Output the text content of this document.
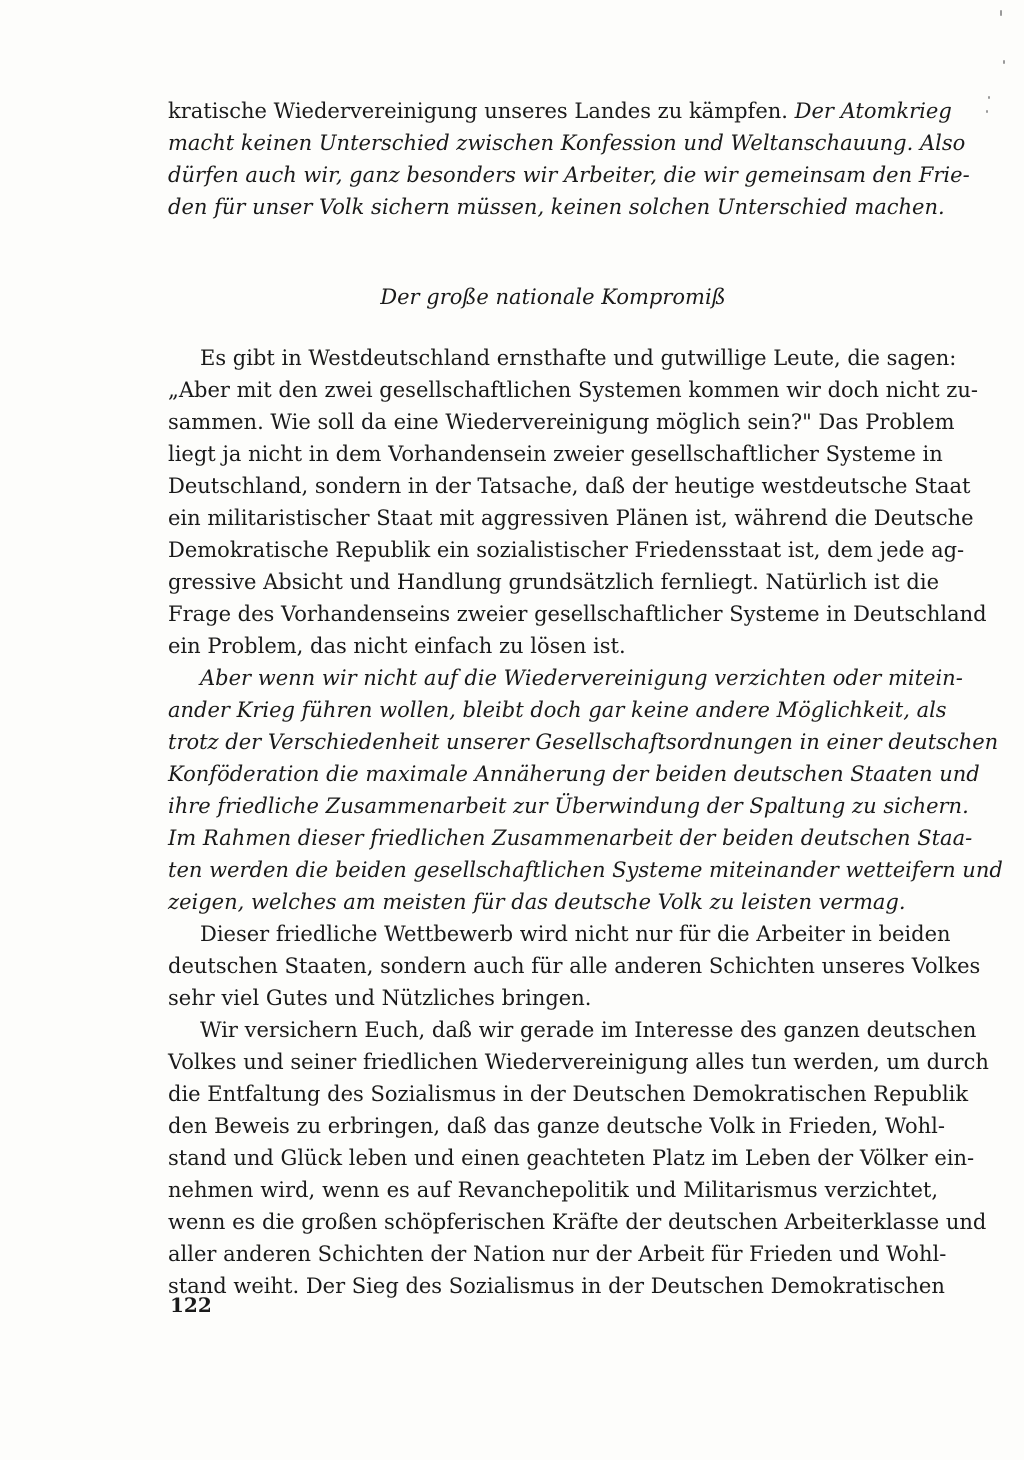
kratische Wiedervereinigung unseres Landes zu kämpfen. Der Atomkrieg
macht keinen Unterschied zwischen Konfession und Weltanschauung. Also
dürfen auch wir, ganz besonders wir Arbeiter, die wir gemeinsam den Frie-
den für unser Volk sichern müssen, keinen solchen Unterschied machen.
Es gibt in Westdeutschland ernsthafte und gutwillige Leute, die sagen:
„Aber mit den zwei gesellschaftlichen Systemen kommen wir doch nicht zu-
sammen. Wie soll da eine Wiedervereinigung möglich sein?" Das Problem
liegt ja nicht in dem Vorhandensein zweier gesellschaftlicher Systeme in
Deutschland, sondern in der Tatsache, daß der heutige westdeutsche Staat
ein militaristischer Staat mit aggressiven Plänen ist, während die Deutsche
Demokratische Republik ein sozialistischer Friedensstaat ist, dem jede ag-
gressive Absicht und Handlung grundsätzlich fernliegt. Natürlich ist die
Frage des Vorhandenseins zweier gesellschaftlicher Systeme in Deutschland
ein Problem, das nicht einfach zu lösen ist.
Aber wenn wir nicht auf die Wiedervereinigung verzichten oder mitein-
ander Krieg führen wollen, bleibt doch gar keine andere Möglichkeit, als
trotz der Verschiedenheit unserer Gesellschaftsordnungen in einer deutschen
Konföderation die maximale Annäherung der beiden deutschen Staaten und
ihre friedliche Zusammenarbeit zur Überwindung der Spaltung zu sichern.
Im Rahmen dieser friedlichen Zusammenarbeit der beiden deutschen Staa-
ten werden die beiden gesellschaftlichen Systeme miteinander wetteifern und
zeigen, welches am meisten für das deutsche Volk zu leisten vermag.
Dieser friedliche Wettbewerb wird nicht nur für die Arbeiter in beiden
deutschen Staaten, sondern auch für alle anderen Schichten unseres Volkes
sehr viel Gutes und Nützliches bringen.
Wir versichern Euch, daß wir gerade im Interesse des ganzen deutschen
Volkes und seiner friedlichen Wiedervereinigung alles tun werden, um durch
die Entfaltung des Sozialismus in der Deutschen Demokratischen Republik
den Beweis zu erbringen, daß das ganze deutsche Volk in Frieden, Wohl-
stand und Glück leben und einen geachteten Platz im Leben der Völker ein-
nehmen wird, wenn es auf Revanchepolitik und Militarismus verzichtet,
wenn es die großen schöpferischen Kräfte der deutschen Arbeiterklasse und
aller anderen Schichten der Nation nur der Arbeit für Frieden und Wohl-
stand weiht. Der Sieg des Sozialismus in der Deutschen Demokratischen
Der große nationale Kompromiß
122
